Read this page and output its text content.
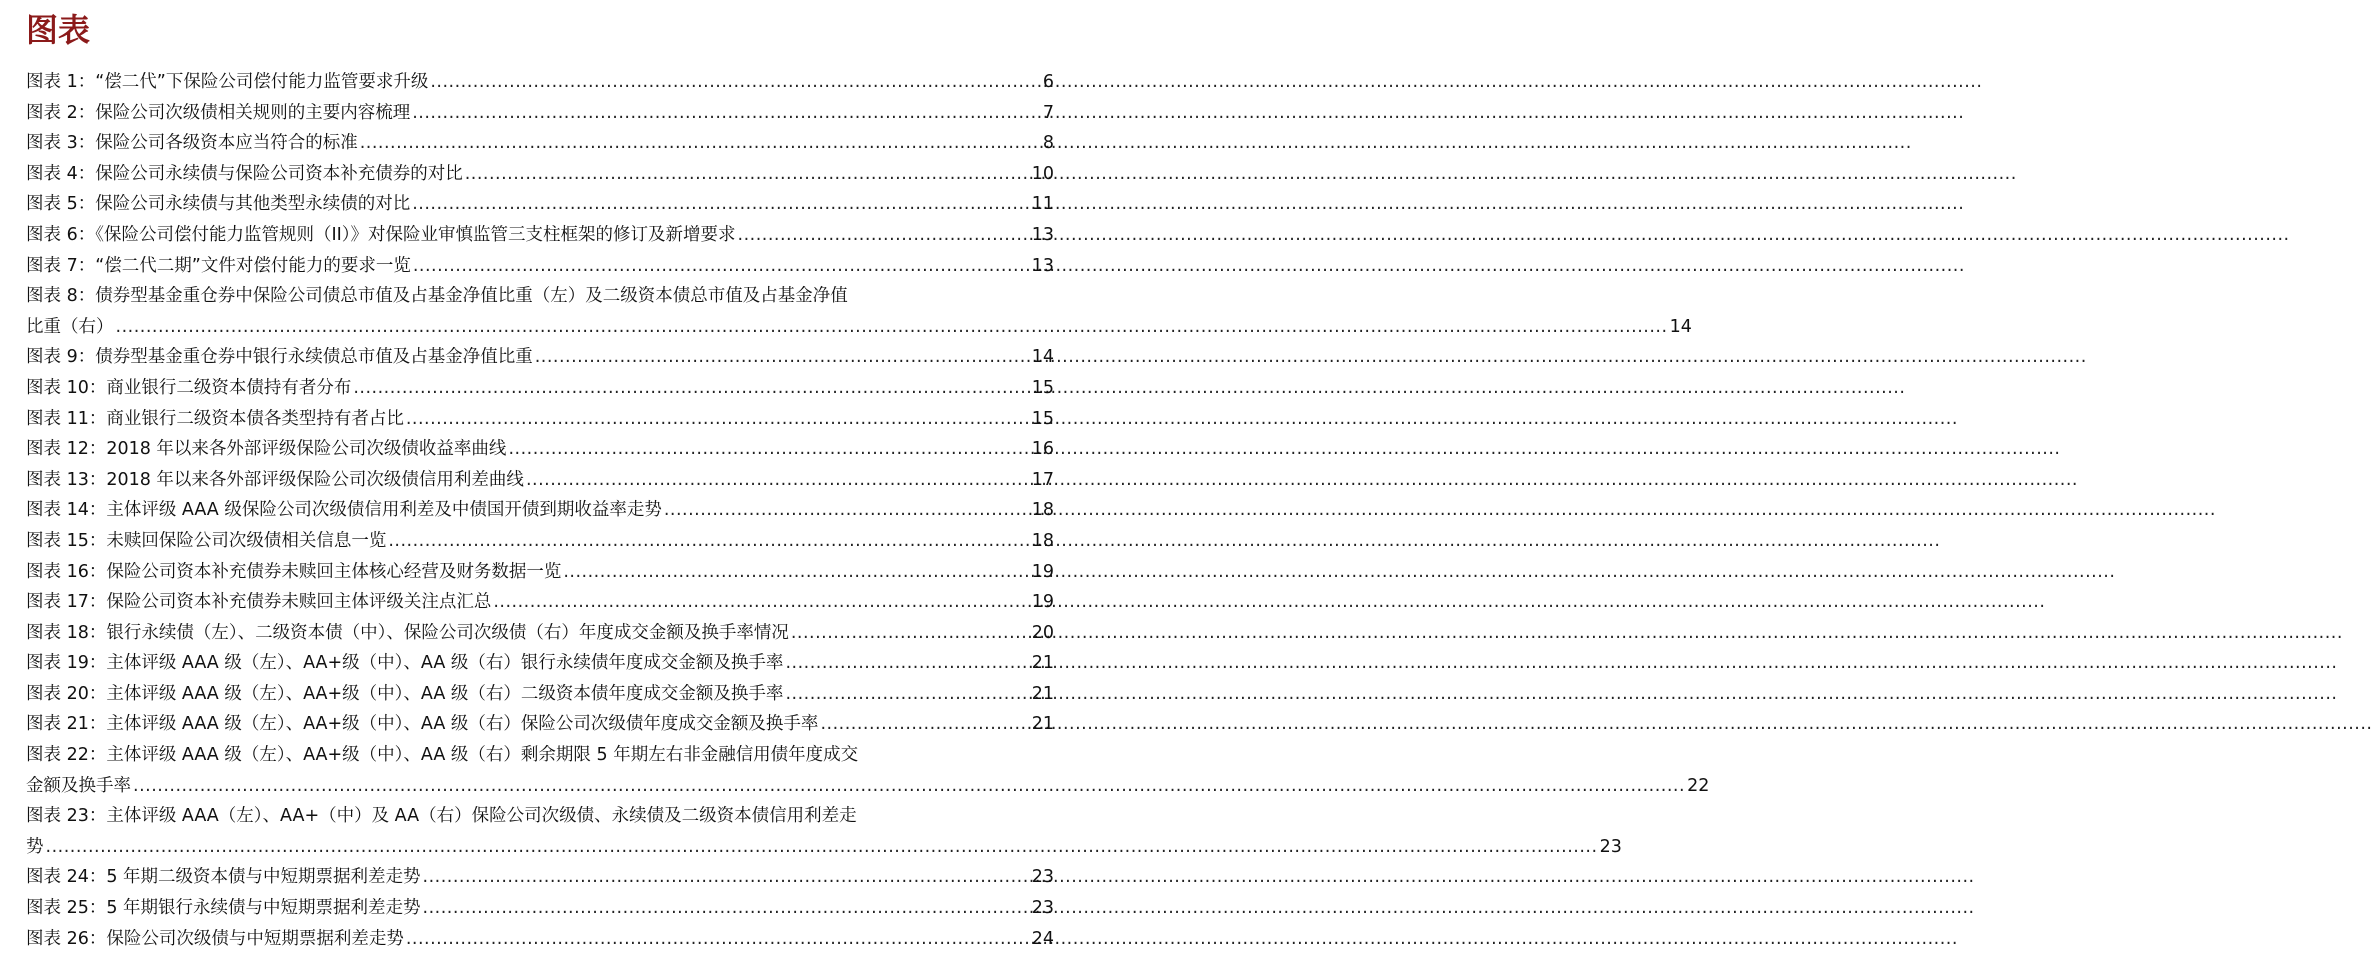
图表
图表 1：“偿二代”下保险公司偿付能力监管要求升级 .....	6
图表 2：保险公司次级债相关规则的主要内容梳理 .....	7
图表 3：保险公司各级资本应当符合的标准 .....	8
图表 4：保险公司永续债与保险公司资本补充债券的对比 .....	10
图表 5：保险公司永续债与其他类型永续债的对比 .....	11
图表 6：《保险公司偿付能力监管规则（II）》对保险业审慎监管三支柱框架的修订及新增要求 .....	13
图表 7：“偿二代二期”文件对偿付能力的要求一览 .....	13
图表 8：债券型基金重仓券中保险公司债总市值及占基金净值比重（左）及二级资本债总市值及占基金净值
比重（右） .....	14
图表 9：债券型基金重仓券中银行永续债总市值及占基金净值比重 .....	14
图表 10：商业银行二级资本债持有者分布 .....	15
图表 11：商业银行二级资本债各类型持有者占比 .....	15
图表 12：2018 年以来各外部评级保险公司次级债收益率曲线 .....	16
图表 13：2018 年以来各外部评级保险公司次级债信用利差曲线 .....	17
图表 14：主体评级 AAA 级保险公司次级债信用利差及中债国开债到期收益率走势 .....	18
图表 15：未赎回保险公司次级债相关信息一览 .....	18
图表 16：保险公司资本补充债券未赎回主体核心经营及财务数据一览 .....	19
图表 17：保险公司资本补充债券未赎回主体评级关注点汇总 .....	19
图表 18：银行永续债（左）、二级资本债（中）、保险公司次级债（右）年度成交金额及换手率情况 .....	20
图表 19：主体评级 AAA 级（左）、AA+级（中）、AA 级（右）银行永续债年度成交金额及换手率 .....	21
图表 20：主体评级 AAA 级（左）、AA+级（中）、AA 级（右）二级资本债年度成交金额及换手率 .....	21
图表 21：主体评级 AAA 级（左）、AA+级（中）、AA 级（右）保险公司次级债年度成交金额及换手率 .....	21
图表 22：主体评级 AAA 级（左）、AA+级（中）、AA 级（右）剩余期限 5 年期左右非金融信用债年度成交
金额及换手率 .....	22
图表 23：主体评级 AAA（左）、AA+（中）及 AA（右）保险公司次级债、永续债及二级资本债信用利差走
势 .....	23
图表 24：5 年期二级资本债与中短期票据利差走势 .....	23
图表 25：5 年期银行永续债与中短期票据利差走势 .....	23
图表 26：保险公司次级债与中短期票据利差走势 .....	24
